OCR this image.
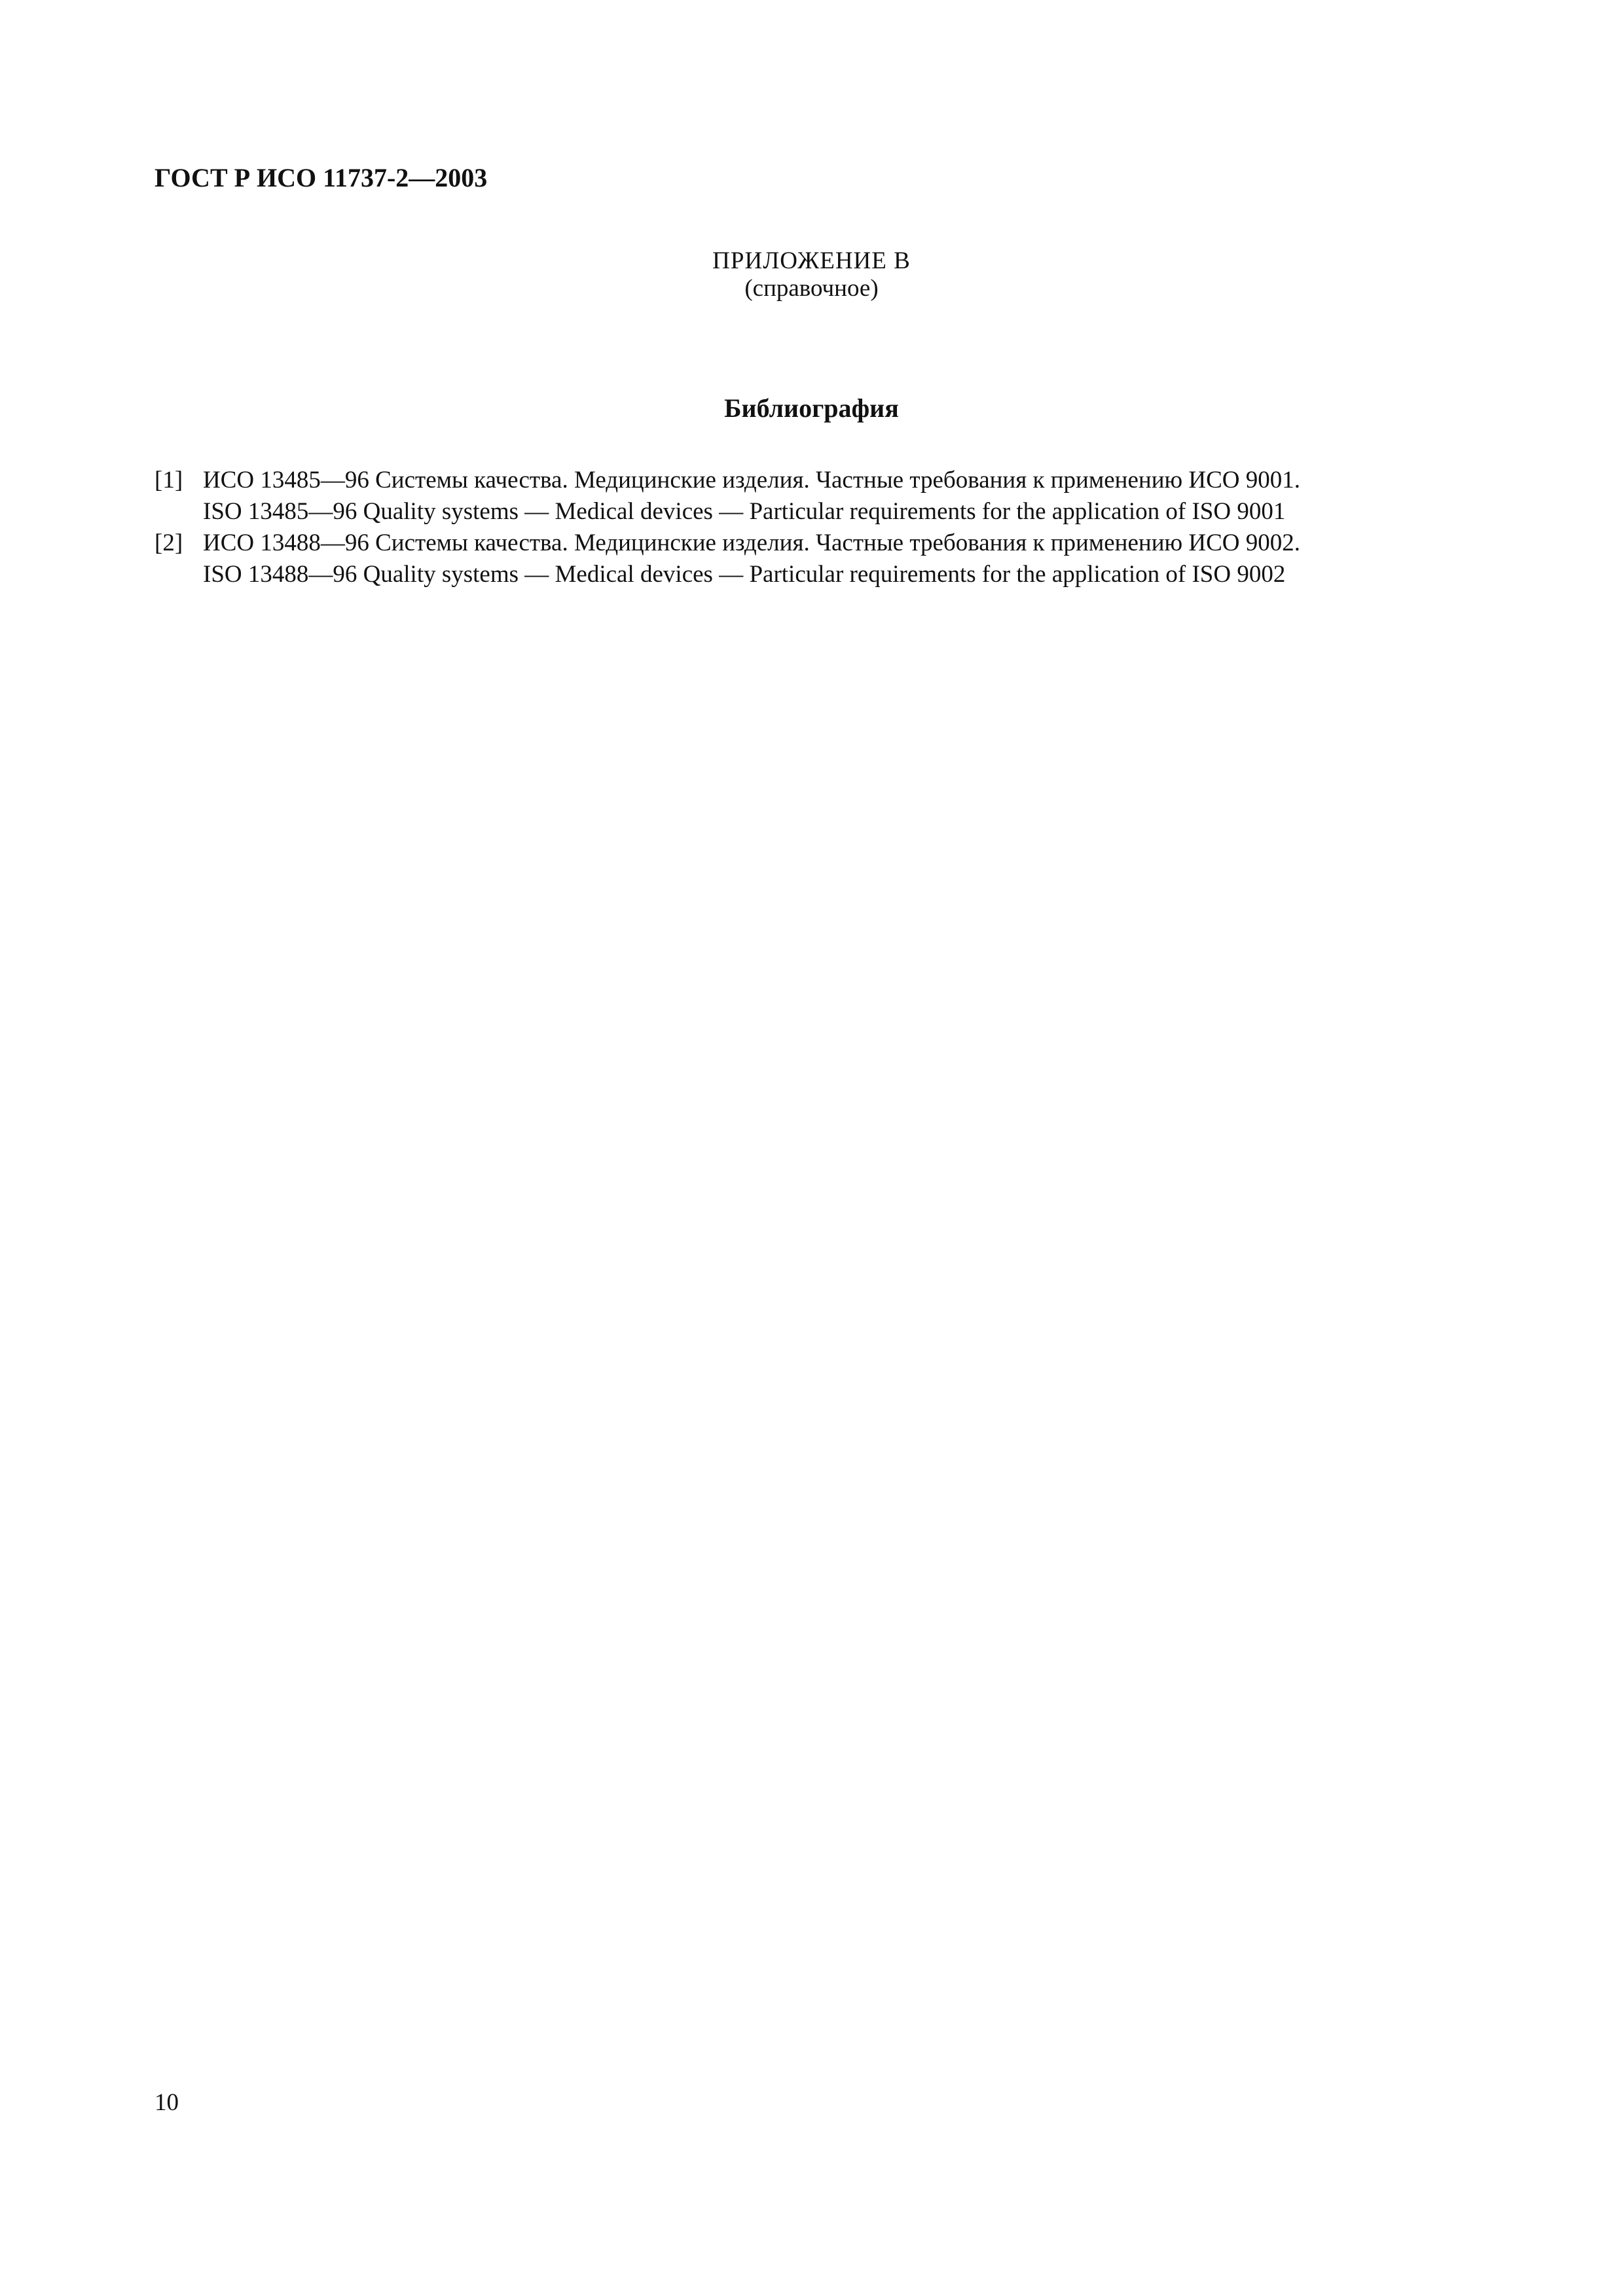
ГОСТ Р ИСО 11737-2—2003
ПРИЛОЖЕНИЕ В
(справочное)
Библиография
[1] ИСО 13485—96 Системы качества. Медицинские изделия. Частные требования к применению ИСО 9001.
ISO 13485—96 Quality systems — Medical devices — Particular requirements for the application of ISO 9001
[2] ИСО 13488—96 Системы качества. Медицинские изделия. Частные требования к применению ИСО 9002.
ISO 13488—96 Quality systems — Medical devices — Particular requirements for the application of ISO 9002
10
